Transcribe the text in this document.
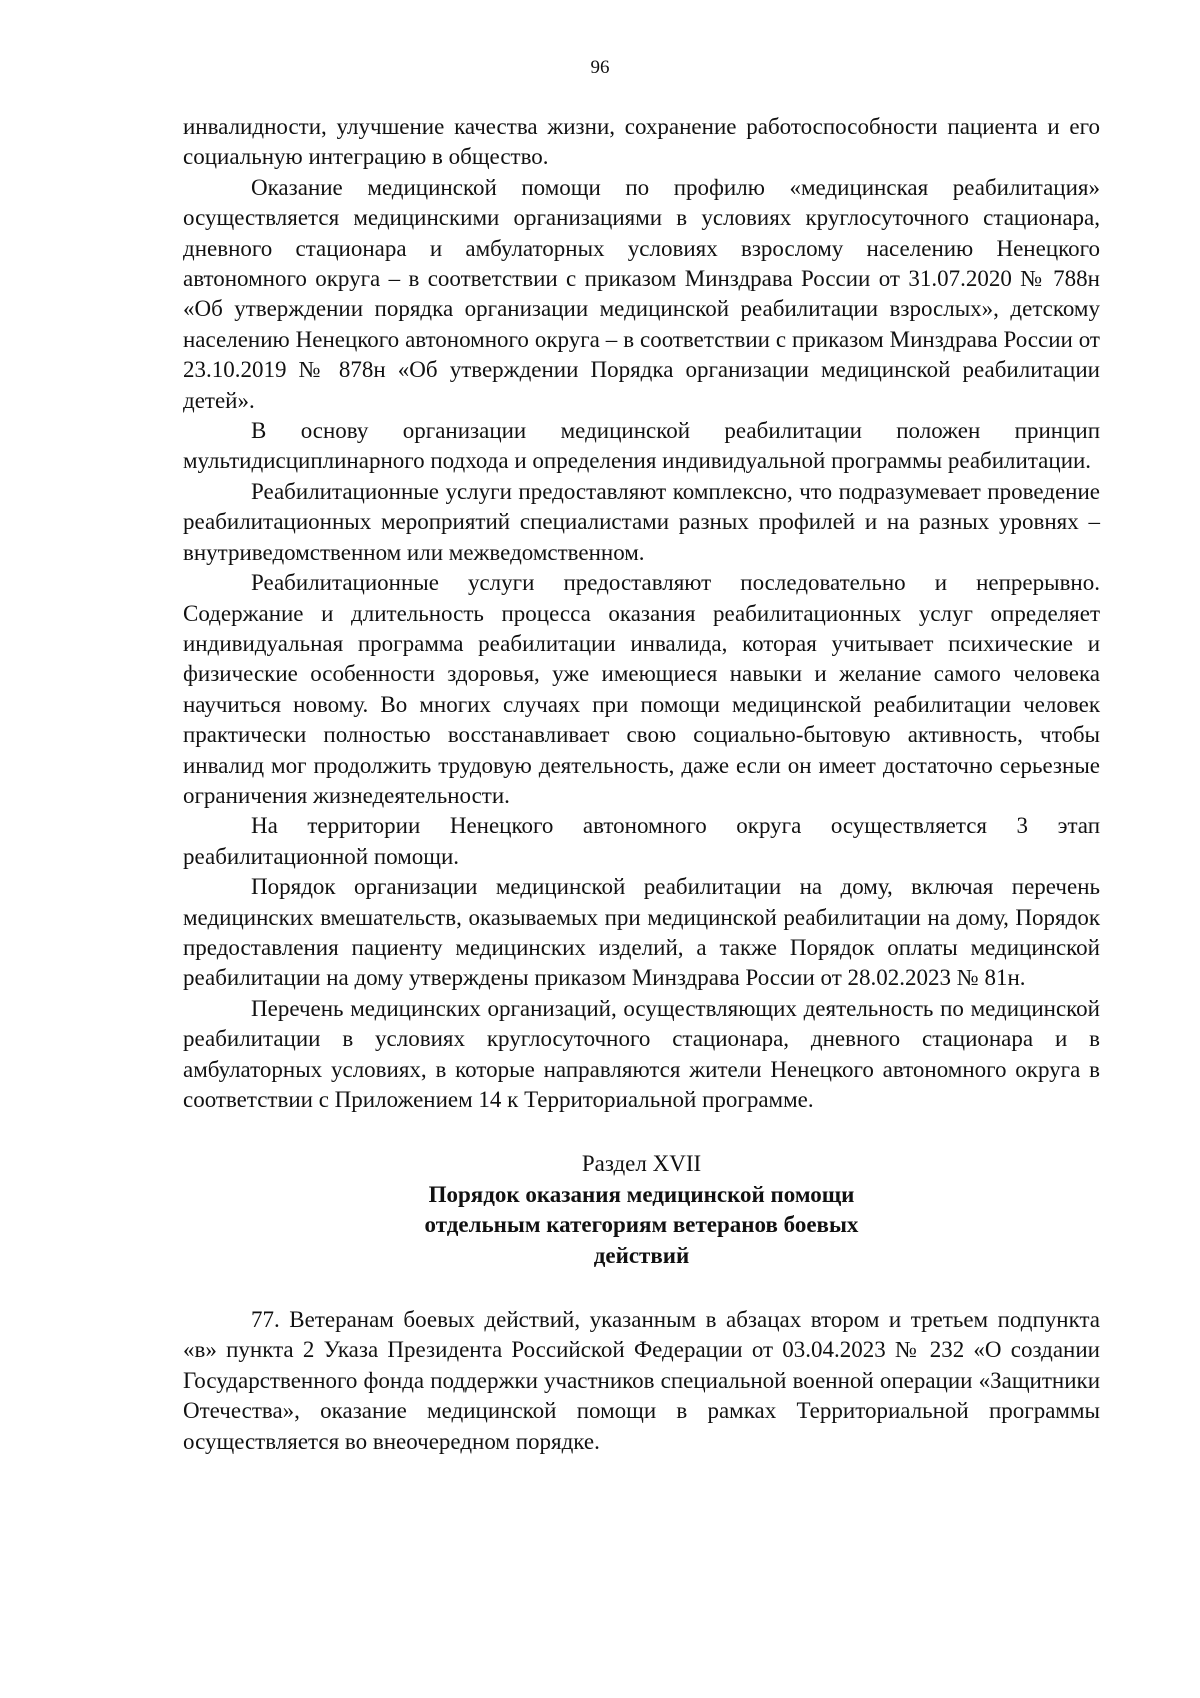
96

инвалидности, улучшение качества жизни, сохранение работоспособности пациента и его социальную интеграцию в общество.

Оказание медицинской помощи по профилю «медицинская реабилитация» осуществляется медицинскими организациями в условиях круглосуточного стационара, дневного стационара и амбулаторных условиях взрослому населению Ненецкого автономного округа – в соответствии с приказом Минздрава России от 31.07.2020 № 788н «Об утверждении порядка организации медицинской реабилитации взрослых», детскому населению Ненецкого автономного округа – в соответствии с приказом Минздрава России от 23.10.2019 № 878н «Об утверждении Порядка организации медицинской реабилитации детей».

В основу организации медицинской реабилитации положен принцип мультидисциплинарного подхода и определения индивидуальной программы реабилитации.

Реабилитационные услуги предоставляют комплексно, что подразумевает проведение реабилитационных мероприятий специалистами разных профилей и на разных уровнях – внутриведомственном или межведомственном.

Реабилитационные услуги предоставляют последовательно и непрерывно. Содержание и длительность процесса оказания реабилитационных услуг определяет индивидуальная программа реабилитации инвалида, которая учитывает психические и физические особенности здоровья, уже имеющиеся навыки и желание самого человека научиться новому. Во многих случаях при помощи медицинской реабилитации человек практически полностью восстанавливает свою социально-бытовую активность, чтобы инвалид мог продолжить трудовую деятельность, даже если он имеет достаточно серьезные ограничения жизнедеятельности.

На территории Ненецкого автономного округа осуществляется 3 этап реабилитационной помощи.

Порядок организации медицинской реабилитации на дому, включая перечень медицинских вмешательств, оказываемых при медицинской реабилитации на дому, Порядок предоставления пациенту медицинских изделий, а также Порядок оплаты медицинской реабилитации на дому утверждены приказом Минздрава России от 28.02.2023 № 81н.

Перечень медицинских организаций, осуществляющих деятельность по медицинской реабилитации в условиях круглосуточного стационара, дневного стационара и в амбулаторных условиях, в которые направляются жители Ненецкого автономного округа в соответствии с Приложением 14 к Территориальной программе.

Раздел XVII
Порядок оказания медицинской помощи отдельным категориям ветеранов боевых действий

77. Ветеранам боевых действий, указанным в абзацах втором и третьем подпункта «в» пункта 2 Указа Президента Российской Федерации от 03.04.2023 № 232 «О создании Государственного фонда поддержки участников специальной военной операции «Защитники Отечества», оказание медицинской помощи в рамках Территориальной программы осуществляется во внеочередном порядке.
